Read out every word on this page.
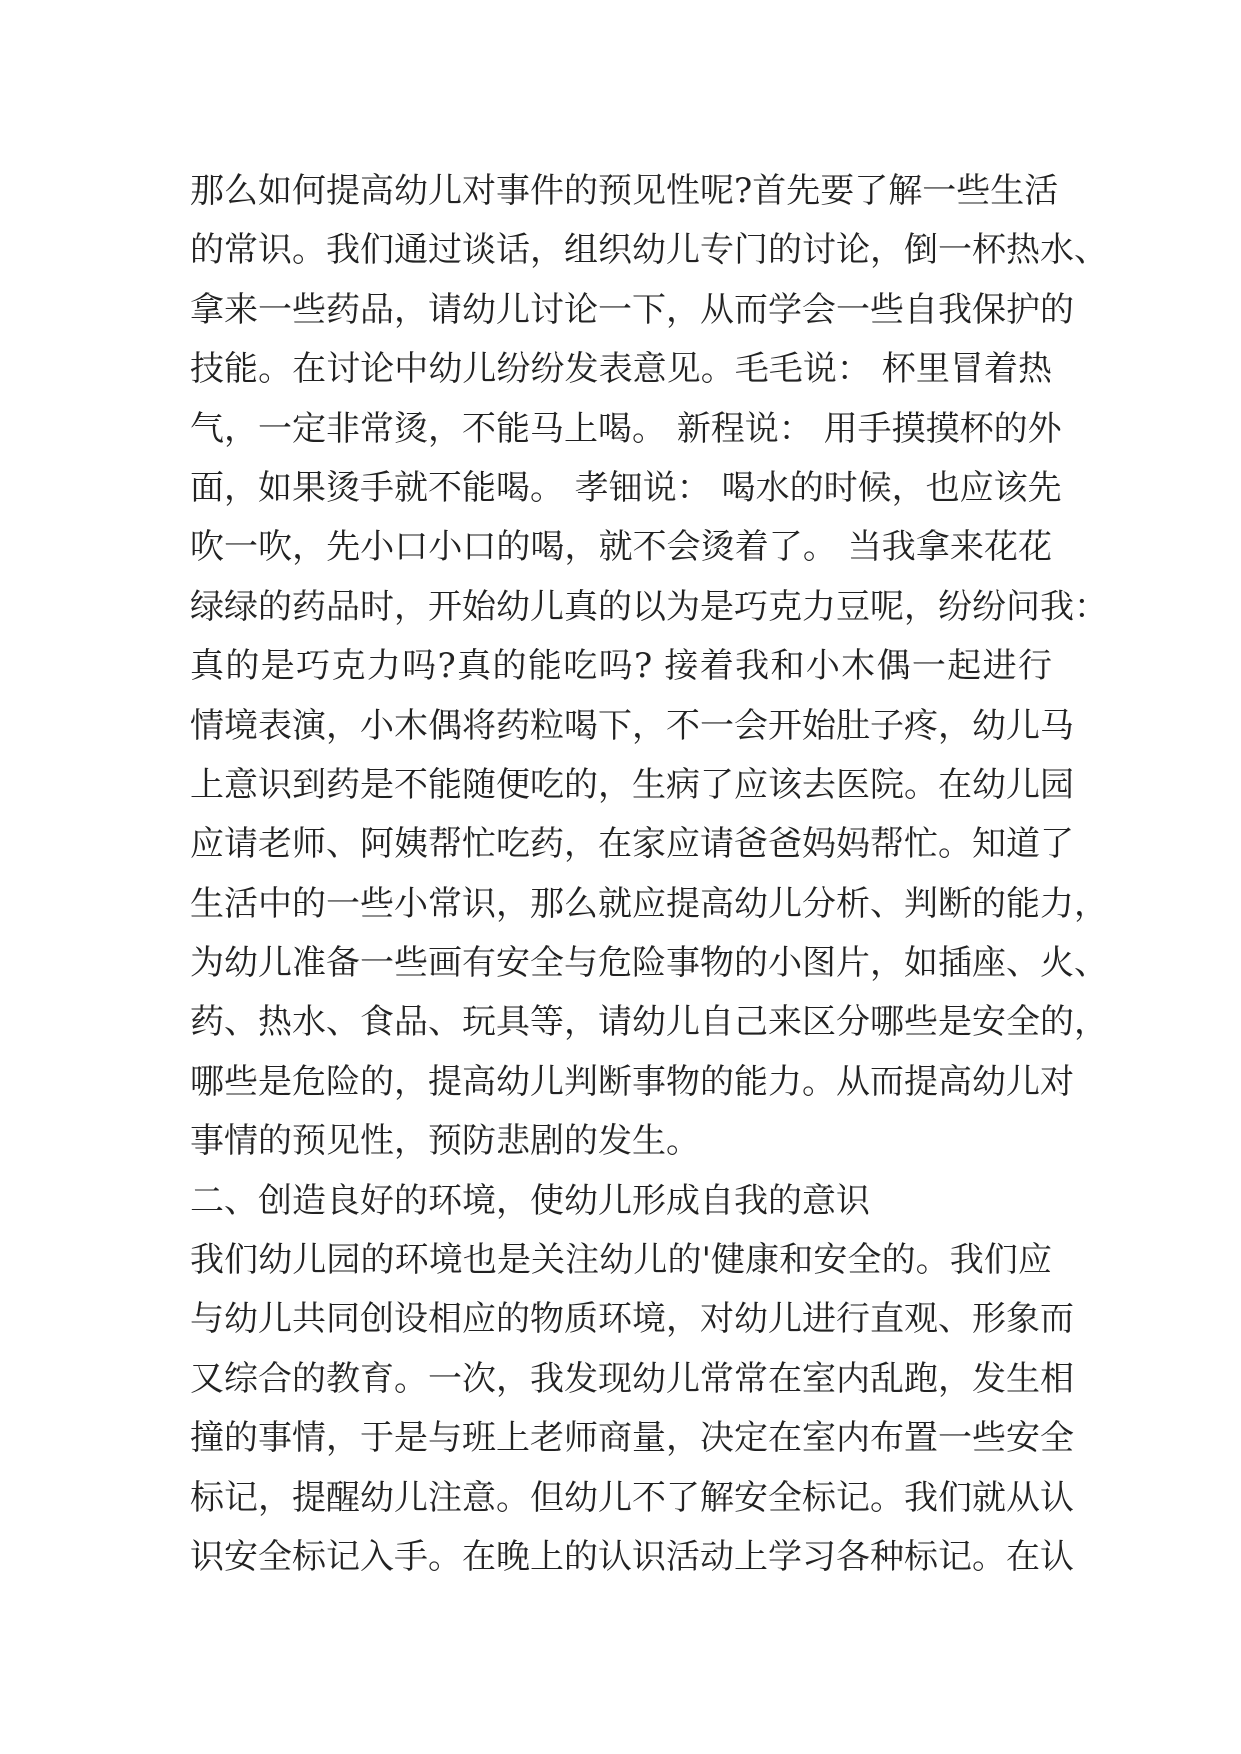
那么如何提高幼儿对事件的预见性呢?首先要了解一些生活
的常识。我们通过谈话，组织幼儿专门的讨论，倒一杯热水、
拿来一些药品，请幼儿讨论一下，从而学会一些自我保护的
技能。在讨论中幼儿纷纷发表意见。毛毛说： 杯里冒着热
气，一定非常烫，不能马上喝。 新程说： 用手摸摸杯的外
面，如果烫手就不能喝。 孝钿说： 喝水的时候，也应该先
吹一吹，先小口小口的喝，就不会烫着了。 当我拿来花花
绿绿的药品时，开始幼儿真的以为是巧克力豆呢，纷纷问我：
真的是巧克力吗?真的能吃吗? 接着我和小木偶一起进行
情境表演，小木偶将药粒喝下，不一会开始肚子疼，幼儿马
上意识到药是不能随便吃的，生病了应该去医院。在幼儿园
应请老师、阿姨帮忙吃药，在家应请爸爸妈妈帮忙。知道了
生活中的一些小常识，那么就应提高幼儿分析、判断的能力，
为幼儿准备一些画有安全与危险事物的小图片，如插座、火、
药、热水、食品、玩具等，请幼儿自己来区分哪些是安全的，
哪些是危险的，提高幼儿判断事物的能力。从而提高幼儿对
事情的预见性，预防悲剧的发生。
二、创造良好的环境，使幼儿形成自我的意识
我们幼儿园的环境也是关注幼儿的'健康和安全的。我们应
与幼儿共同创设相应的物质环境，对幼儿进行直观、形象而
又综合的教育。一次，我发现幼儿常常在室内乱跑，发生相
撞的事情，于是与班上老师商量，决定在室内布置一些安全
标记，提醒幼儿注意。但幼儿不了解安全标记。我们就从认
识安全标记入手。在晚上的认识活动上学习各种标记。在认
